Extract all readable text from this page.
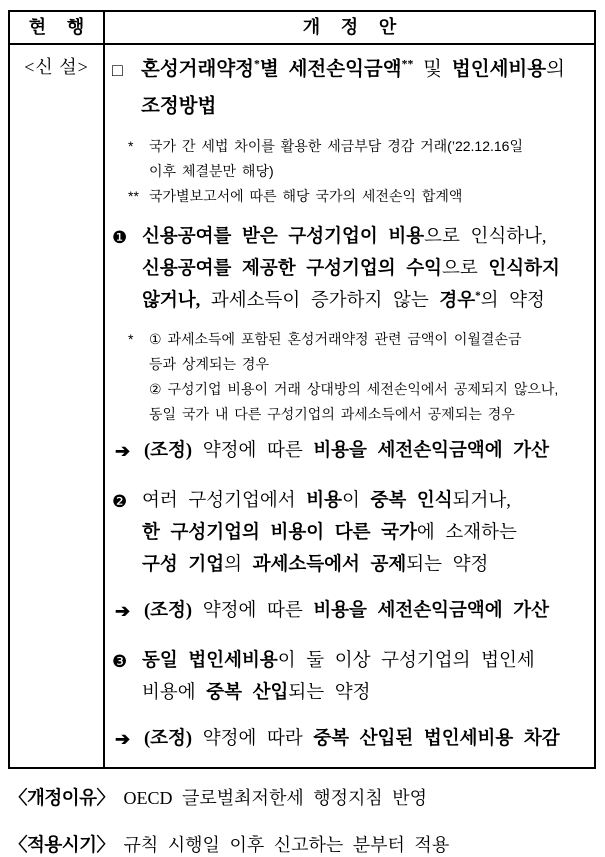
현 행	개 정 안
<신 설>	□ 혼성거래약정*별 세전손익금액** 및 법인세비용의
조정방법
*	국가 간 세법 차이를 활용한 세금부담 경감 거래(’22.12.16일
이후 체결분만 해당)
** 국가별보고서에 따른 해당 국가의 세전손익 합계액
❶ 신용공여를 받은 구성기업이 비용으로 인식하나,
신용공여를 제공한 구성기업의 수익으로 인식하지
않거나, 과세소득이 증가하지 않는 경우*의 약정
*	① 과세소득에 포함된 혼성거래약정 관련 금액이 이월결손금
등과 상계되는 경우
② 구성기업 비용이 거래 상대방의 세전손익에서 공제되지 않으나,
동일 국가 내 다른 구성기업의 과세소득에서 공제되는 경우
➔ (조정) 약정에 따른 비용을 세전손익금액에 가산
❷ 여러 구성기업에서 비용이 중복 인식되거나,
한 구성기업의 비용이 다른 국가에 소재하는
구성 기업의 과세소득에서 공제되는 약정
➔ (조정) 약정에 따른 비용을 세전손익금액에 가산
❸ 동일 법인세비용이 둘 이상 구성기업의 법인세
비용에 중복 산입되는 약정
➔ (조정) 약정에 따라 중복 산입된 법인세비용 차감
〈개정이유〉 OECD 글로벌최저한세 행정지침 반영
〈적용시기〉 규칙 시행일 이후 신고하는 분부터 적용
